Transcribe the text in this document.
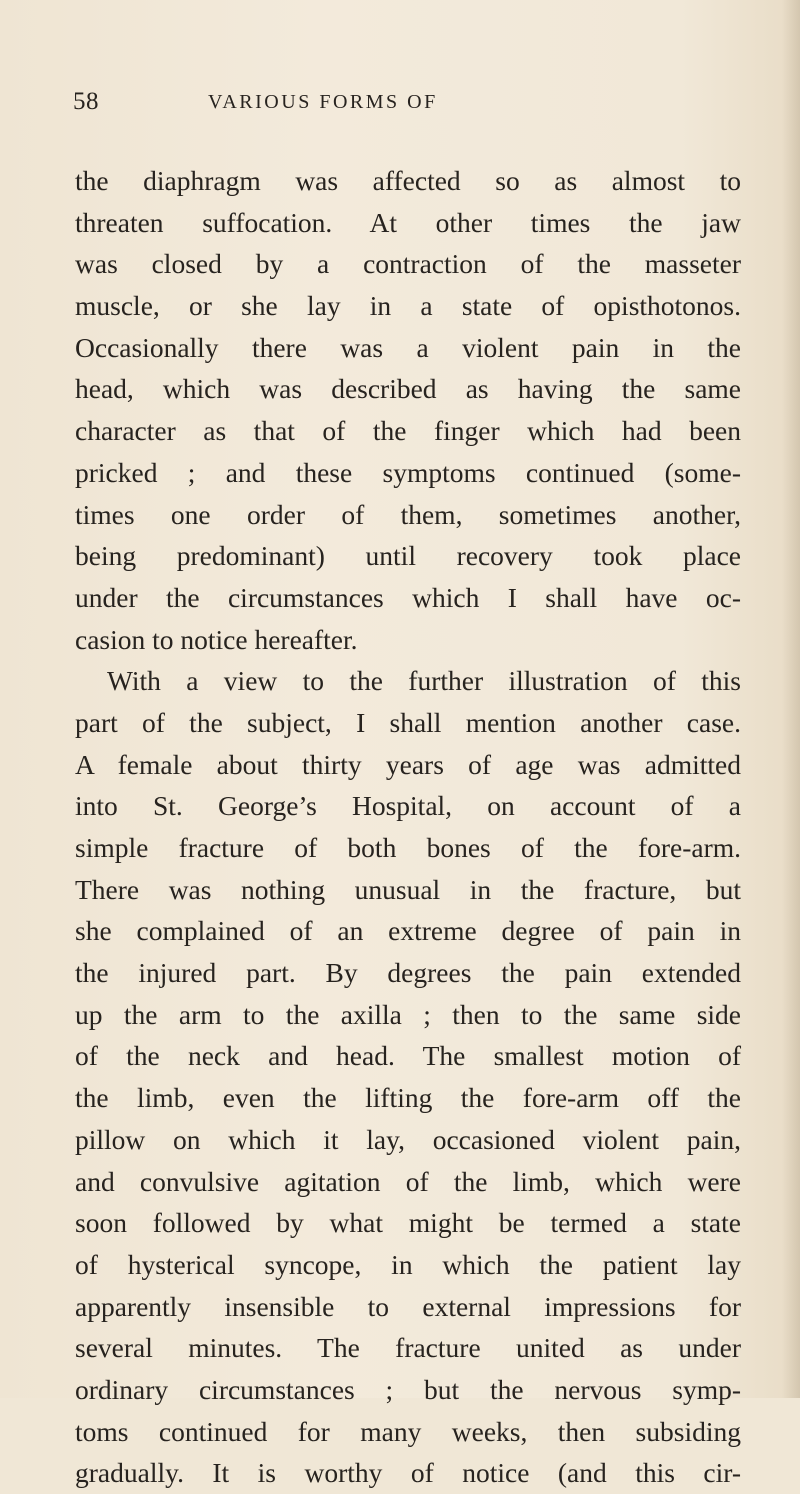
58	VARIOUS FORMS OF
the diaphragm was affected so as almost to
threaten suffocation. At other times the jaw
was closed by a contraction of the masseter
muscle, or she lay in a state of opisthotonos.
Occasionally there was a violent pain in the
head, which was described as having the same
character as that of the finger which had been
pricked ; and these symptoms continued (some-
times one order of them, sometimes another,
being predominant) until recovery took place
under the circumstances which I shall have oc-
casion to notice hereafter.
With a view to the further illustration of this
part of the subject, I shall mention another case.
A female about thirty years of age was admitted
into St. George’s Hospital, on account of a
simple fracture of both bones of the fore-arm.
There was nothing unusual in the fracture, but
she complained of an extreme degree of pain in
the injured part. By degrees the pain extended
up the arm to the axilla ; then to the same side
of the neck and head. The smallest motion of
the limb, even the lifting the fore-arm off the
pillow on which it lay, occasioned violent pain,
and convulsive agitation of the limb, which were
soon followed by what might be termed a state
of hysterical syncope, in which the patient lay
apparently insensible to external impressions for
several minutes. The fracture united as under
ordinary circumstances ; but the nervous symp-
toms continued for many weeks, then subsiding
gradually. It is worthy of notice (and this cir-
